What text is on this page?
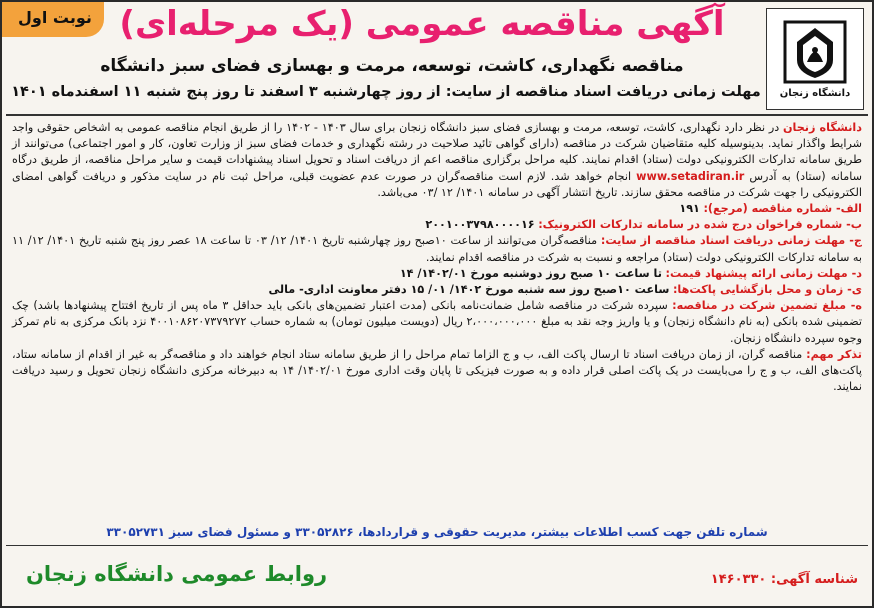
نوبت اول
دانشگاه زنجان
آگهی مناقصه عمومی (یک مرحله‌ای)
مناقصه نگهداری، کاشت، توسعه، مرمت و بهسازی فضای سبز دانشگاه
مهلت زمانی دریافت اسناد مناقصه از سایت: از روز چهارشنبه ۳ اسفند تا روز پنج شنبه ۱۱ اسفندماه ۱۴۰۱

دانشگاه زنجان در نظر دارد نگهداری، کاشت، توسعه، مرمت و بهسازی فضای سبز دانشگاه زنجان برای سال ۱۴۰۳ - ۱۴۰۲ را از طریق انجام مناقصه عمومی به اشخاص حقوقی واجد شرایط واگذار نماید. بدینوسیله کلیه متقاضیان شرکت در مناقصه (دارای گواهی تائید صلاحیت در رشته نگهداری و خدمات فضای سبز از وزارت تعاون، کار و امور اجتماعی) می‌توانند از طریق سامانه تدارکات الکترونیکی دولت (ستاد) اقدام نمایند. کلیه مراحل برگزاری مناقصه اعم از دریافت اسناد و تحویل اسناد پیشنهادات قیمت و سایر مراحل مناقصه، از طریق درگاه سامانه (ستاد) به آدرس www.setadiran.ir انجام خواهد شد. لازم است مناقصه‌گران در صورت عدم عضویت قبلی، مراحل ثبت نام در سایت مذکور و دریافت گواهی امضای الکترونیکی را جهت شرکت در مناقصه محقق سازند. تاریخ انتشار آگهی در سامانه ۱۴۰۱/ ۱۲ /۰۳ می‌باشد.

الف- شماره مناقصه (مرجع): ۱۹۱

ب- شماره فراخوان درج شده در سامانه تدارکات الکترونیک: ۲۰۰۱۰۰۳۷۹۸۰۰۰۰۱۶

ج- مهلت زمانی دریافت اسناد مناقصه از سایت: مناقصه‌گران می‌توانند از ساعت ۱۰صبح روز چهارشنبه تاریخ ۱۴۰۱/ ۱۲/ ۰۳ تا ساعت ۱۸ عصر روز پنج شنبه تاریخ ۱۴۰۱/ ۱۲/ ۱۱ به سامانه تدارکات الکترونیکی دولت (ستاد) مراجعه و نسبت به شرکت در مناقصه اقدام نمایند.

د- مهلت زمانی ارائه پیشنهاد قیمت: تا ساعت ۱۰ صبح روز دوشنبه مورخ ۱۴۰۲/۰۱/ ۱۴

ی- زمان و محل بازگشایی پاکت‌ها: ساعت ۱۰صبح روز سه شنبه مورخ ۱۴۰۲/ ۰۱/ ۱۵ دفتر معاونت اداری- مالی

ه- مبلغ تضمین شرکت در مناقصه: سپرده شرکت در مناقصه شامل ضمانت‌نامه بانکی (مدت اعتبار تضمین‌های بانکی باید حداقل ۳ ماه پس از تاریخ افتتاح پیشنهادها باشد) چک تضمینی شده بانکی (به نام دانشگاه زنجان) و یا واریز وجه نقد به مبلغ ۲،۰۰۰،۰۰۰،۰۰۰ ریال (دویست میلیون تومان) به شماره حساب ۴۰۰۱۰۸۶۲۰۷۳۷۹۲۷۲ نزد بانک مرکزی به نام تمرکز وجوه سپرده دانشگاه زنجان.

تذکر مهم: مناقصه گران، از زمان دریافت اسناد تا ارسال پاکت الف، ب و ج الزاما تمام مراحل را از طریق سامانه ستاد انجام خواهند داد و مناقصه‌گر به غیر از اقدام از سامانه ستاد، پاکت‌های الف، ب و ج را می‌بایست در یک پاکت اصلی قرار داده و به صورت فیزیکی تا پایان وقت اداری مورخ ۱۴۰۲/۰۱/ ۱۴ به دبیرخانه مرکزی دانشگاه زنجان تحویل و رسید دریافت نمایند.

شماره تلفن جهت کسب اطلاعات بیشتر، مدیریت حقوقی و قراردادها، ۳۳۰۵۲۸۲۶ و مسئول فضای سبز ۳۳۰۵۲۷۳۱
شناسه آگهی: ۱۴۶۰۳۳۰
روابط عمومی دانشگاه زنجان
